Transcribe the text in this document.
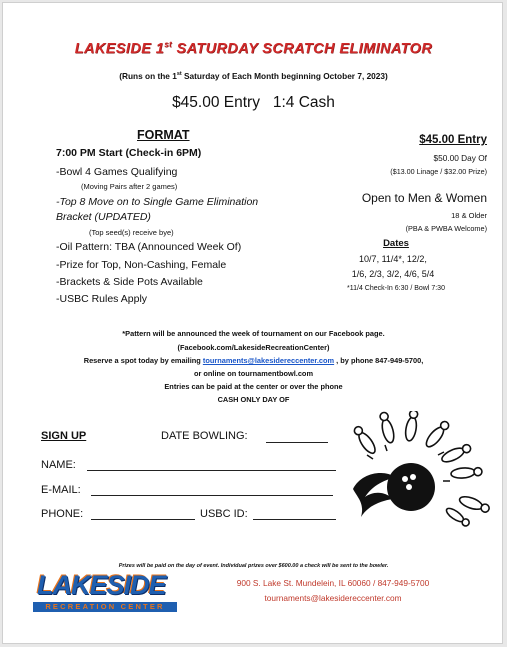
LAKESIDE 1st SATURDAY SCRATCH ELIMINATOR
(Runs on the 1st Saturday of Each Month beginning October 7, 2023)
$45.00 Entry   1:4 Cash
FORMAT
7:00 PM Start (Check-in 6PM)
-Bowl 4 Games Qualifying
(Moving Pairs after 2 games)
-Top 8 Move on to Single Game Elimination
Bracket (UPDATED)
(Top seed(s) receive bye)
-Oil Pattern: TBA (Announced Week Of)
-Prize for Top, Non-Cashing, Female
-Brackets & Side Pots Available
-USBC Rules Apply
$45.00 Entry
$50.00 Day Of
($13.00 Linage / $32.00 Prize)
Open to Men & Women
18 & Older
(PBA & PWBA Welcome)
Dates
10/7, 11/4*, 12/2,
1/6, 2/3, 3/2, 4/6, 5/4
*11/4 Check-In 6:30 / Bowl 7:30
*Pattern will be announced the week of tournament on our Facebook page.
(Facebook.com/LakesideRecreationCenter)
Reserve a spot today by emailing tournaments@lakesidereccenter.com , by phone 847-949-5700,
or online on tournamentbowl.com
Entries can be paid at the center or over the phone
CASH ONLY DAY OF
SIGN UP	DATE BOWLING:
NAME:
E-MAIL:
PHONE:	USBC ID:
Prizes will be paid on the day of event. Individual prizes over $600.00 a check will be sent to the bowler.
LAKESIDE
RECREATION CENTER
900 S. Lake St. Mundelein, IL 60060 / 847-949-5700
tournaments@lakesidereccenter.com
